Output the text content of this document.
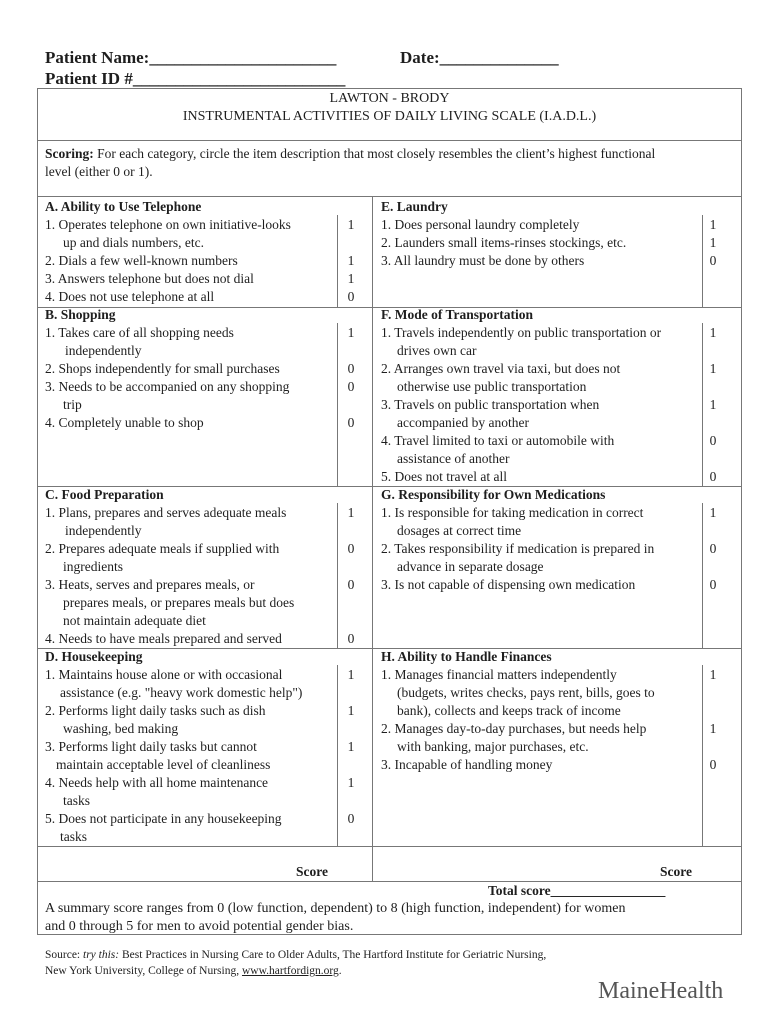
Patient Name:______________________	Date:______________
Patient ID #_________________________
LAWTON - BRODY
INSTRUMENTAL ACTIVITIES OF DAILY LIVING SCALE (I.A.D.L.)
Scoring: For each category, circle the item description that most closely resembles the client’s highest functional
level (either 0 or 1).
A. Ability to Use Telephone
1. Operates telephone on own initiative-looks
up and dials numbers, etc.
2. Dials a few well-known numbers
3. Answers telephone but does not dial
4. Does not use telephone at all
1
1
1
0
B. Shopping
1. Takes care of all shopping needs
independently
2. Shops independently for small purchases
3. Needs to be accompanied on any shopping
trip
4. Completely unable to shop
1
0
0
0
C. Food Preparation
1. Plans, prepares and serves adequate meals
independently
2. Prepares adequate meals if supplied with
ingredients
3. Heats, serves and prepares meals, or
prepares meals, or prepares meals but does
not maintain adequate diet
4. Needs to have meals prepared and served
1
0
0
0
D. Housekeeping
1. Maintains house alone or with occasional
assistance (e.g. "heavy work domestic help")
2. Performs light daily tasks such as dish
washing, bed making
3. Performs light daily tasks but cannot
maintain acceptable level of cleanliness
4. Needs help with all home maintenance
tasks
5. Does not participate in any housekeeping
tasks
1
1
1
1
0
E. Laundry
1. Does personal laundry completely
2. Launders small items-rinses stockings, etc.
3. All laundry must be done by others
1
1
0
F. Mode of Transportation
1. Travels independently on public transportation or
drives own car
2. Arranges own travel via taxi, but does not
otherwise use public transportation
3. Travels on public transportation when
accompanied by another
4. Travel limited to taxi or automobile with
assistance of another
5. Does not travel at all
1
1
1
0
0
G. Responsibility for Own Medications
1. Is responsible for taking medication in correct
dosages at correct time
2. Takes responsibility if medication is prepared in
advance in separate dosage
3. Is not capable of dispensing own medication
1
0
0
H. Ability to Handle Finances
1. Manages financial matters independently
(budgets, writes checks, pays rent, bills, goes to
bank), collects and keeps track of income
2. Manages day-to-day purchases, but needs help
with banking, major purchases, etc.
3. Incapable of handling money
1
1
0
Score	Score
Total score_________________
A summary score ranges from 0 (low function, dependent) to 8 (high function, independent) for women
and 0 through 5 for men to avoid potential gender bias.
Source: try this: Best Practices in Nursing Care to Older Adults, The Hartford Institute for Geriatric Nursing,
New York University, College of Nursing, www.hartfordign.org.
MaineHealth
